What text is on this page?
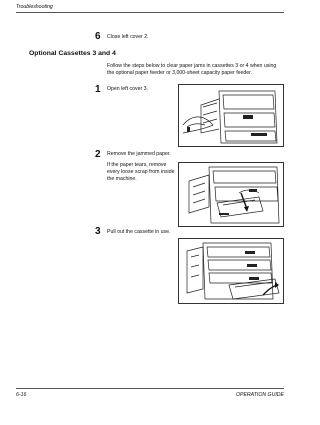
Troubleshooting
6 Close left cover 2.
Optional Cassettes 3 and 4
Follow the steps below to clear paper jams in cassettes 3 or 4 when using
the optional paper feeder or 3,000-sheet capacity paper feeder.
1 Open left cover 3.
2 Remove the jammed paper.
If the paper tears, remove
every loose scrap from inside
the machine.
3 Pull out the cassette in use.
6-16	OPERATION GUIDE
